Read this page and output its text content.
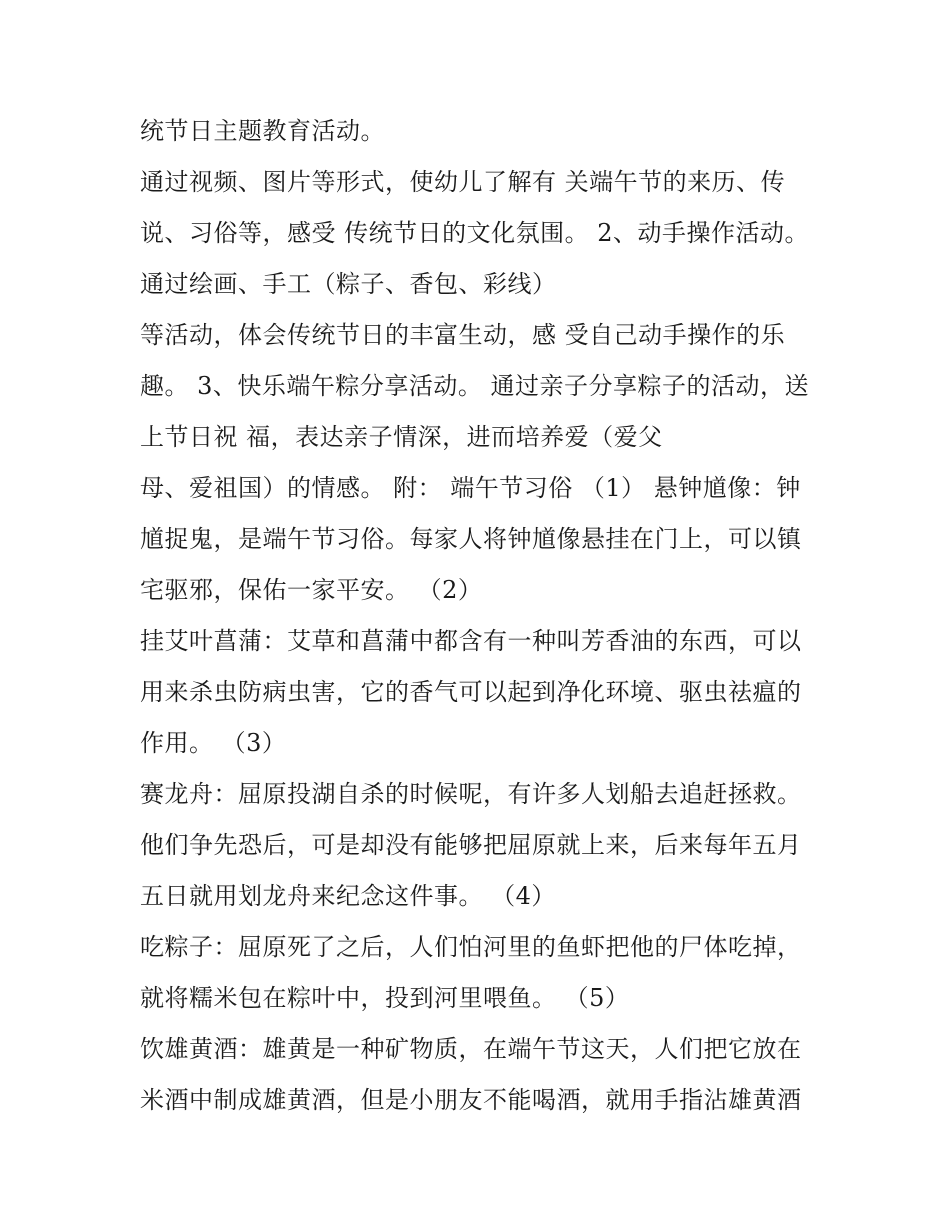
统节日主题教育活动。
通过视频、图片等形式，使幼儿了解有 关端午节的来历、传
说、习俗等，感受 传统节日的文化氛围。 2、动手操作活动。
通过绘画、手工（粽子、香包、彩线）
等活动，体会传统节日的丰富生动，感 受自己动手操作的乐
趣。 3、快乐端午粽分享活动。 通过亲子分享粽子的活动，送
上节日祝 福，表达亲子情深，进而培养爱（爱父
母、爱祖国）的情感。 附： 端午节习俗 （1） 悬钟馗像：钟
馗捉鬼，是端午节习俗。每家人将钟馗像悬挂在门上，可以镇
宅驱邪，保佑一家平安。 （2）
挂艾叶菖蒲：艾草和菖蒲中都含有一种叫芳香油的东西，可以
用来杀虫防病虫害，它的香气可以起到净化环境、驱虫祛瘟的
作用。 （3）
赛龙舟：屈原投湖自杀的时候呢，有许多人划船去追赶拯救。
他们争先恐后，可是却没有能够把屈原就上来，后来每年五月
五日就用划龙舟来纪念这件事。 （4）
吃粽子：屈原死了之后，人们怕河里的鱼虾把他的尸体吃掉，
就将糯米包在粽叶中，投到河里喂鱼。 （5）
饮雄黄酒：雄黄是一种矿物质，在端午节这天，人们把它放在
米酒中制成雄黄酒，但是小朋友不能喝酒，就用手指沾雄黄酒
